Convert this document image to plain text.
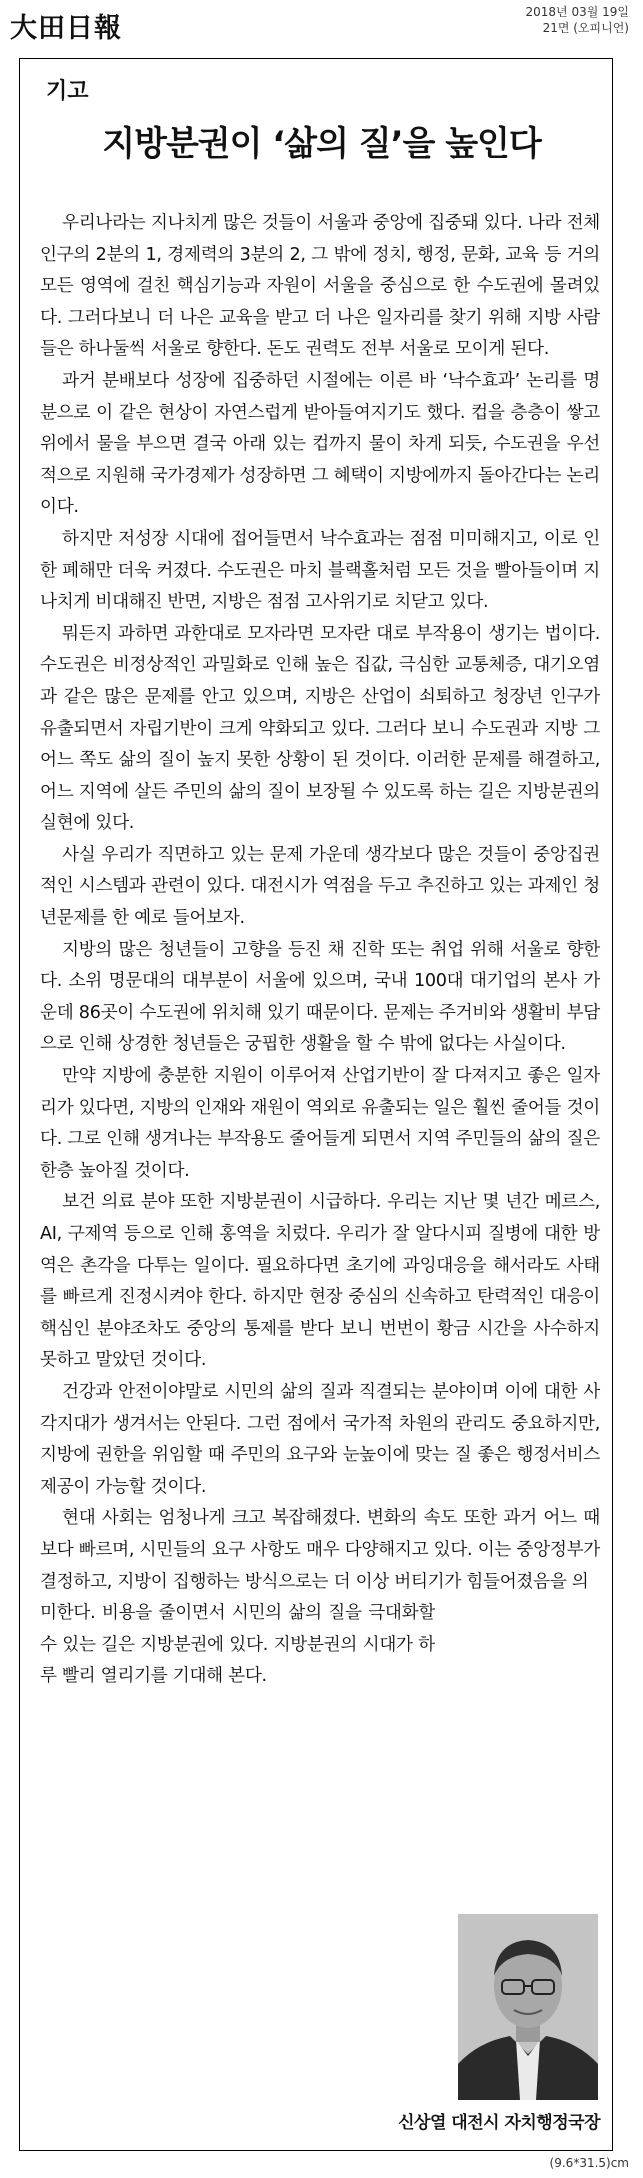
大田日報
2018년 03월 19일
21면 (오피니언)
기고
지방분권이 ‘삶의 질’을 높인다

우리나라는 지나치게 많은 것들이 서울과 중앙에 집중돼 있다. 나라 전체 인구의 2분의 1, 경제력의 3분의 2, 그 밖에 정치, 행정, 문화, 교육 등 거의 모든 영역에 걸친 핵심기능과 자원이 서울을 중심으로 한 수도권에 몰려있다. 그러다보니 더 나은 교육을 받고 더 나은 일자리를 찾기 위해 지방 사람들은 하나둘씩 서울로 향한다. 돈도 권력도 전부 서울로 모이게 된다.

과거 분배보다 성장에 집중하던 시절에는 이른 바 ‘낙수효과’ 논리를 명분으로 이 같은 현상이 자연스럽게 받아들여지기도 했다. 컵을 층층이 쌓고 위에서 물을 부으면 결국 아래 있는 컵까지 물이 차게 되듯, 수도권을 우선적으로 지원해 국가경제가 성장하면 그 혜택이 지방에까지 돌아간다는 논리이다.

하지만 저성장 시대에 접어들면서 낙수효과는 점점 미미해지고, 이로 인한 폐해만 더욱 커졌다. 수도권은 마치 블랙홀처럼 모든 것을 빨아들이며 지나치게 비대해진 반면, 지방은 점점 고사위기로 치닫고 있다.

뭐든지 과하면 과한대로 모자라면 모자란 대로 부작용이 생기는 법이다. 수도권은 비정상적인 과밀화로 인해 높은 집값, 극심한 교통체증, 대기오염과 같은 많은 문제를 안고 있으며, 지방은 산업이 쇠퇴하고 청장년 인구가 유출되면서 자립기반이 크게 약화되고 있다. 그러다 보니 수도권과 지방 그 어느 쪽도 삶의 질이 높지 못한 상황이 된 것이다. 이러한 문제를 해결하고, 어느 지역에 살든 주민의 삶의 질이 보장될 수 있도록 하는 길은 지방분권의 실현에 있다.

사실 우리가 직면하고 있는 문제 가운데 생각보다 많은 것들이 중앙집권적인 시스템과 관련이 있다. 대전시가 역점을 두고 추진하고 있는 과제인 청년문제를 한 예로 들어보자.

지방의 많은 청년들이 고향을 등진 채 진학 또는 취업 위해 서울로 향한다. 소위 명문대의 대부분이 서울에 있으며, 국내 100대 대기업의 본사 가운데 86곳이 수도권에 위치해 있기 때문이다. 문제는 주거비와 생활비 부담으로 인해 상경한 청년들은 궁핍한 생활을 할 수 밖에 없다는 사실이다.

만약 지방에 충분한 지원이 이루어져 산업기반이 잘 다져지고 좋은 일자리가 있다면, 지방의 인재와 재원이 역외로 유출되는 일은 훨씬 줄어들 것이다. 그로 인해 생겨나는 부작용도 줄어들게 되면서 지역 주민들의 삶의 질은 한층 높아질 것이다.

보건 의료 분야 또한 지방분권이 시급하다. 우리는 지난 몇 년간 메르스, AI, 구제역 등으로 인해 홍역을 치렀다. 우리가 잘 알다시피 질병에 대한 방역은 촌각을 다투는 일이다. 필요하다면 초기에 과잉대응을 해서라도 사태를 빠르게 진정시켜야 한다. 하지만 현장 중심의 신속하고 탄력적인 대응이 핵심인 분야조차도 중앙의 통제를 받다 보니 번번이 황금 시간을 사수하지 못하고 말았던 것이다.

건강과 안전이야말로 시민의 삶의 질과 직결되는 분야이며 이에 대한 사각지대가 생겨서는 안된다. 그런 점에서 국가적 차원의 관리도 중요하지만, 지방에 권한을 위임할 때 주민의 요구와 눈높이에 맞는 질 좋은 행정서비스 제공이 가능할 것이다.

현대 사회는 엄청나게 크고 복잡해졌다. 변화의 속도 또한 과거 어느 때보다 빠르며, 시민들의 요구 사항도 매우 다양해지고 있다. 이는 중앙정부가 결정하고, 지방이 집행하는 방식으로는 더 이상 버티기가 힘들어졌음을 의

미한다. 비용을 줄이면서 시민의 삶의 질을 극대화할 수 있는 길은 지방분권에 있다. 지방분권의 시대가 하루 빨리 열리기를 기대해 본다.

신상열 대전시 자치행정국장
(9.6*31.5)cm
